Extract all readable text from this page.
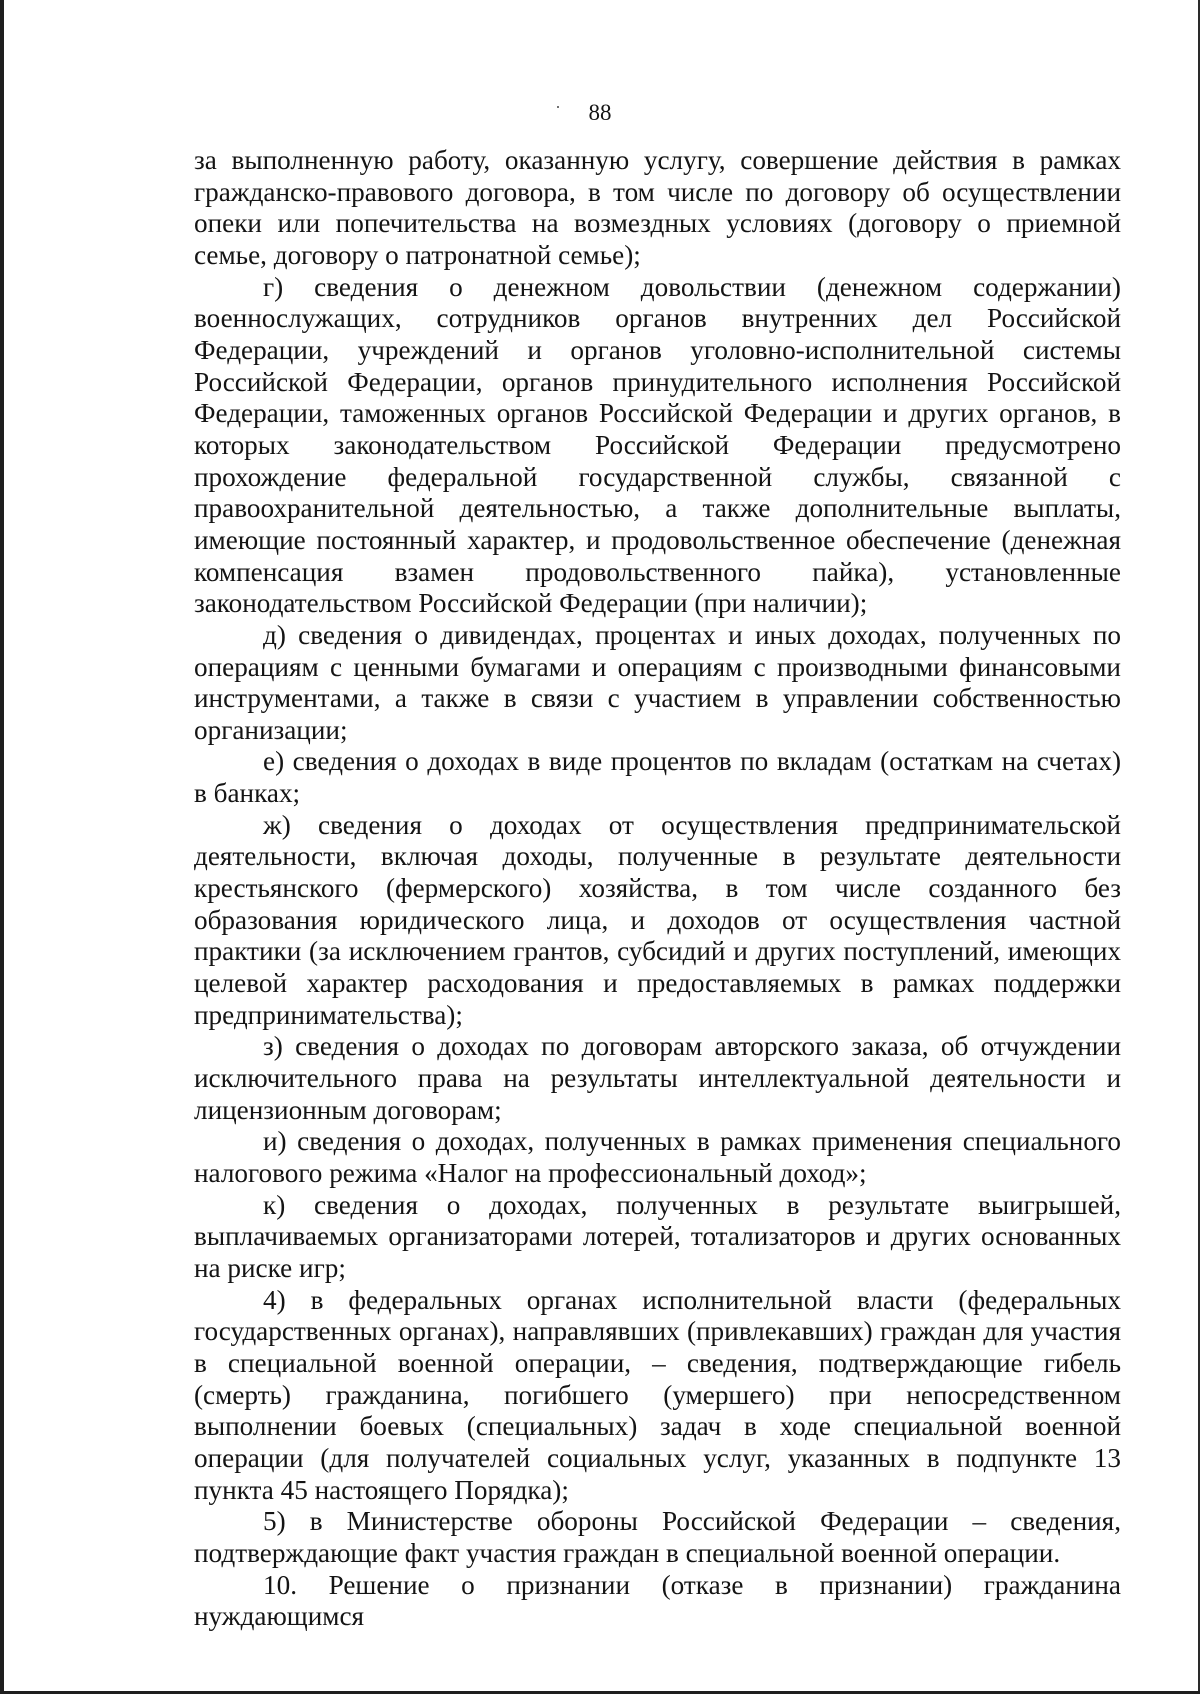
88

за выполненную работу, оказанную услугу, совершение действия в рамках гражданско-правового договора, в том числе по договору об осуществлении опеки или попечительства на возмездных условиях (договору о приемной семье, договору о патронатной семье);

г) сведения о денежном довольствии (денежном содержании) военнослужащих, сотрудников органов внутренних дел Российской Федерации, учреждений и органов уголовно-исполнительной системы Российской Федерации, органов принудительного исполнения Российской Федерации, таможенных органов Российской Федерации и других органов, в которых законодательством Российской Федерации предусмотрено прохождение федеральной государственной службы, связанной с правоохранительной деятельностью, а также дополнительные выплаты, имеющие постоянный характер, и продовольственное обеспечение (денежная компенсация взамен продовольственного пайка), установленные законодательством Российской Федерации (при наличии);

д) сведения о дивидендах, процентах и иных доходах, полученных по операциям с ценными бумагами и операциям с производными финансовыми инструментами, а также в связи с участием в управлении собственностью организации;

е) сведения о доходах в виде процентов по вкладам (остаткам на счетах) в банках;

ж) сведения о доходах от осуществления предпринимательской деятельности, включая доходы, полученные в результате деятельности крестьянского (фермерского) хозяйства, в том числе созданного без образования юридического лица, и доходов от осуществления частной практики (за исключением грантов, субсидий и других поступлений, имеющих целевой характер расходования и предоставляемых в рамках поддержки предпринимательства);

з) сведения о доходах по договорам авторского заказа, об отчуждении исключительного права на результаты интеллектуальной деятельности и лицензионным договорам;

и) сведения о доходах, полученных в рамках применения специального налогового режима «Налог на профессиональный доход»;

к) сведения о доходах, полученных в результате выигрышей, выплачиваемых организаторами лотерей, тотализаторов и других основанных на риске игр;

4) в федеральных органах исполнительной власти (федеральных государственных органах), направлявших (привлекавших) граждан для участия в специальной военной операции, – сведения, подтверждающие гибель (смерть) гражданина, погибшего (умершего) при непосредственном выполнении боевых (специальных) задач в ходе специальной военной операции (для получателей социальных услуг, указанных в подпункте 13 пункта 45 настоящего Порядка);

5) в Министерстве обороны Российской Федерации – сведения, подтверждающие факт участия граждан в специальной военной операции.

10. Решение о признании (отказе в признании) гражданина нуждающимся
